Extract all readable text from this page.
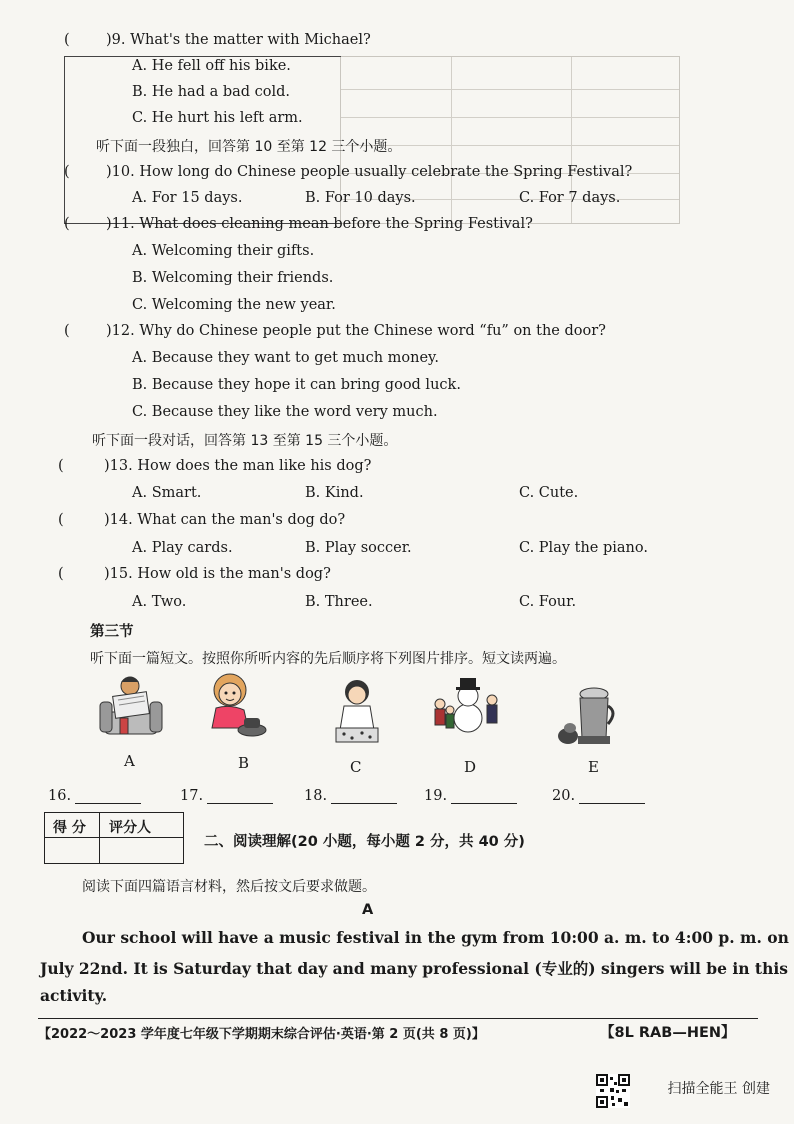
(	)9. What's the matter with Michael?
A. He fell off his bike.
B. He had a bad cold.
C. He hurt his left arm.
听下面一段独白，回答第 10 至第 12 三个小题。
(	)10. How long do Chinese people usually celebrate the Spring Festival?
A. For 15 days.	B. For 10 days.	C. For 7 days.
(	)11. What does cleaning mean before the Spring Festival?
A. Welcoming their gifts.
B. Welcoming their friends.
C. Welcoming the new year.
(	)12. Why do Chinese people put the Chinese word “fu” on the door?
A. Because they want to get much money.
B. Because they hope it can bring good luck.
C. Because they like the word very much.
听下面一段对话，回答第 13 至第 15 三个小题。
(	)13. How does the man like his dog?
A. Smart.	B. Kind.	C. Cute.
(	)14. What can the man's dog do?
A. Play cards.	B. Play soccer.	C. Play the piano.
(	)15. How old is the man's dog?
A. Two.	B. Three.	C. Four.
第三节
听下面一篇短文。按照你所听内容的先后顺序将下列图片排序。短文读两遍。
A	B	C	D	E
16.	17.	18.	19.	20.
得 分 评分人
二、阅读理解(20 小题，每小题 2 分，共 40 分)
阅读下面四篇语言材料，然后按文后要求做题。
A
Our school will have a music festival in the gym from 10:00 a. m. to 4:00 p. m. on
July 22nd. It is Saturday that day and many professional (专业的) singers will be in this
activity.
【2022～2023 学年度七年级下学期期末综合评估·英语·第 2 页(共 8 页)】	【8L RAB—HEN】
扫描全能王 创建
